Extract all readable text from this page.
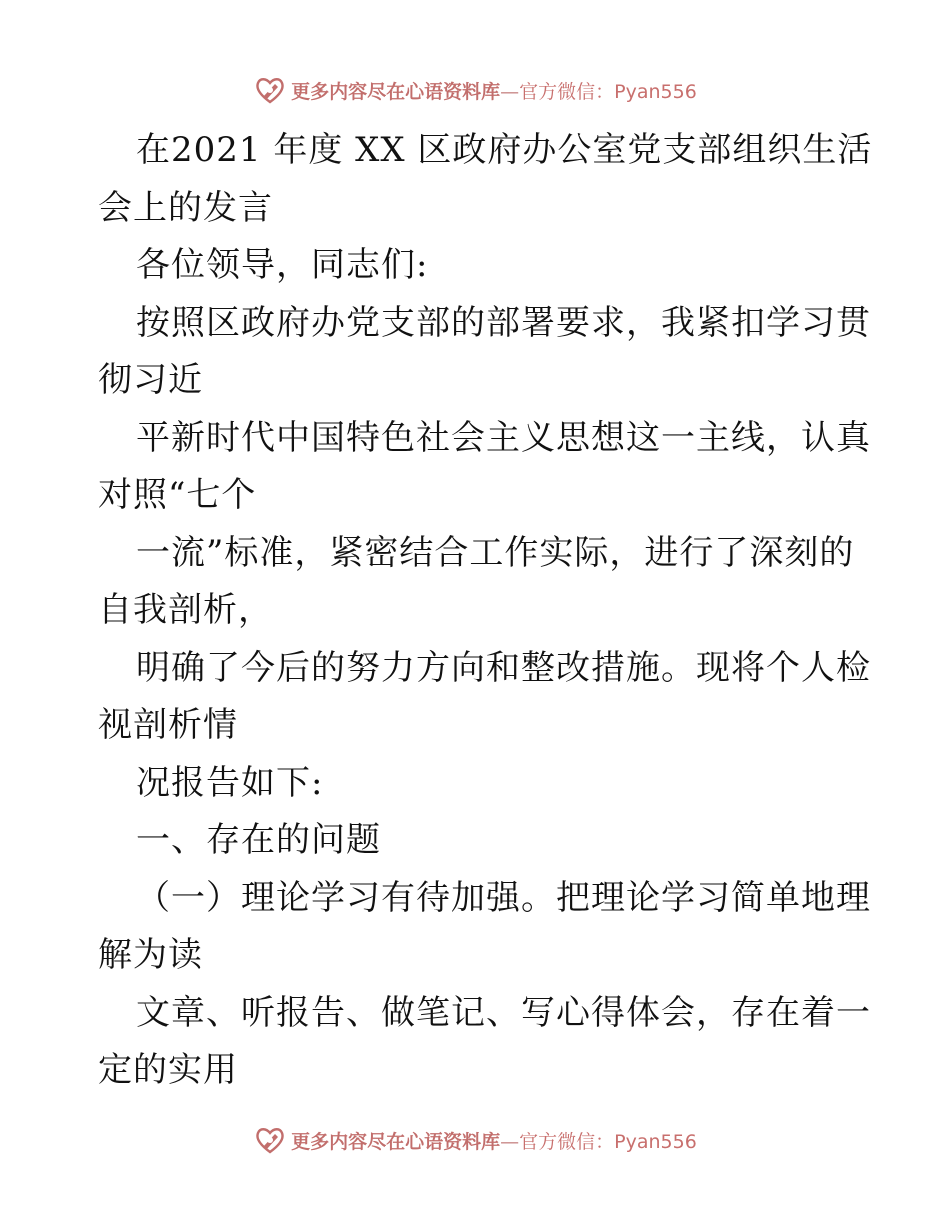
更多内容尽在心语资料库—官方微信：Pyan556
在2021 年度 XX 区政府办公室党支部组织生活
会上的发言
各位领导，同志们:
按照区政府办党支部的部署要求，我紧扣学习贯
彻习近
平新时代中国特色社会主义思想这一主线，认真
对照“七个
一流”标准，紧密结合工作实际，进行了深刻的
自我剖析，
明确了今后的努力方向和整改措施。现将个人检
视剖析情
况报告如下:
一、存在的问题
（一）理论学习有待加强。把理论学习简单地理
解为读
文章、听报告、做笔记、写心得体会，存在着一
定的实用
更多内容尽在心语资料库—官方微信：Pyan556
